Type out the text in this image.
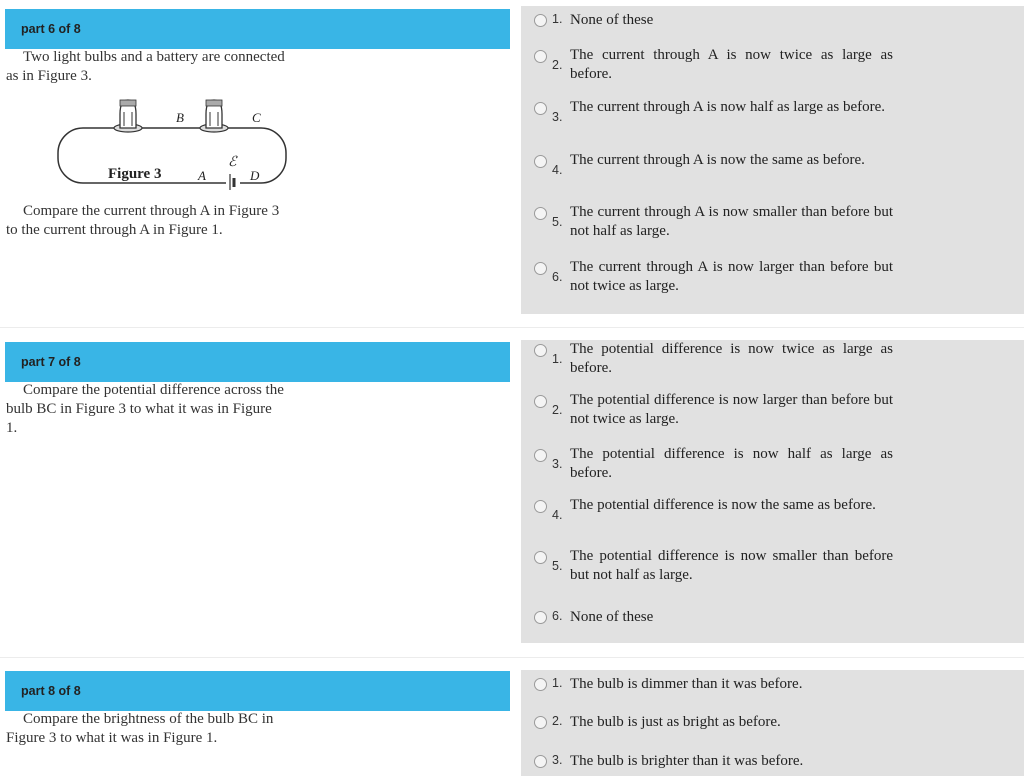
part 6 of 8
Two light bulbs and a battery are connected
as in Figure 3.
Figure 3	A
B	C
D
ℰ
Compare the current through A in Figure 3
to the current through A in Figure 1.
1. None of these
2.
The current through A is now twice as large as before.
3.
The current through A is now half as large as before.
4.
The current through A is now the same as before.
5.
The current through A is now smaller than before but not half as large.
6.
The current through A is now larger than before but not twice as large.
part 7 of 8
Compare the potential difference across the
bulb BC in Figure 3 to what it was in Figure
1.
1.
The potential difference is now twice as large as before.
2.
The potential difference is now larger than before but not twice as large.
3.
The potential difference is now half as large as before.
4.
The potential difference is now the same as before.
5.
The potential difference is now smaller than before but not half as large.
6. None of these
part 8 of 8
Compare the brightness of the bulb BC in
Figure 3 to what it was in Figure 1.
1. The bulb is dimmer than it was before.
2. The bulb is just as bright as before.
3. The bulb is brighter than it was before.
